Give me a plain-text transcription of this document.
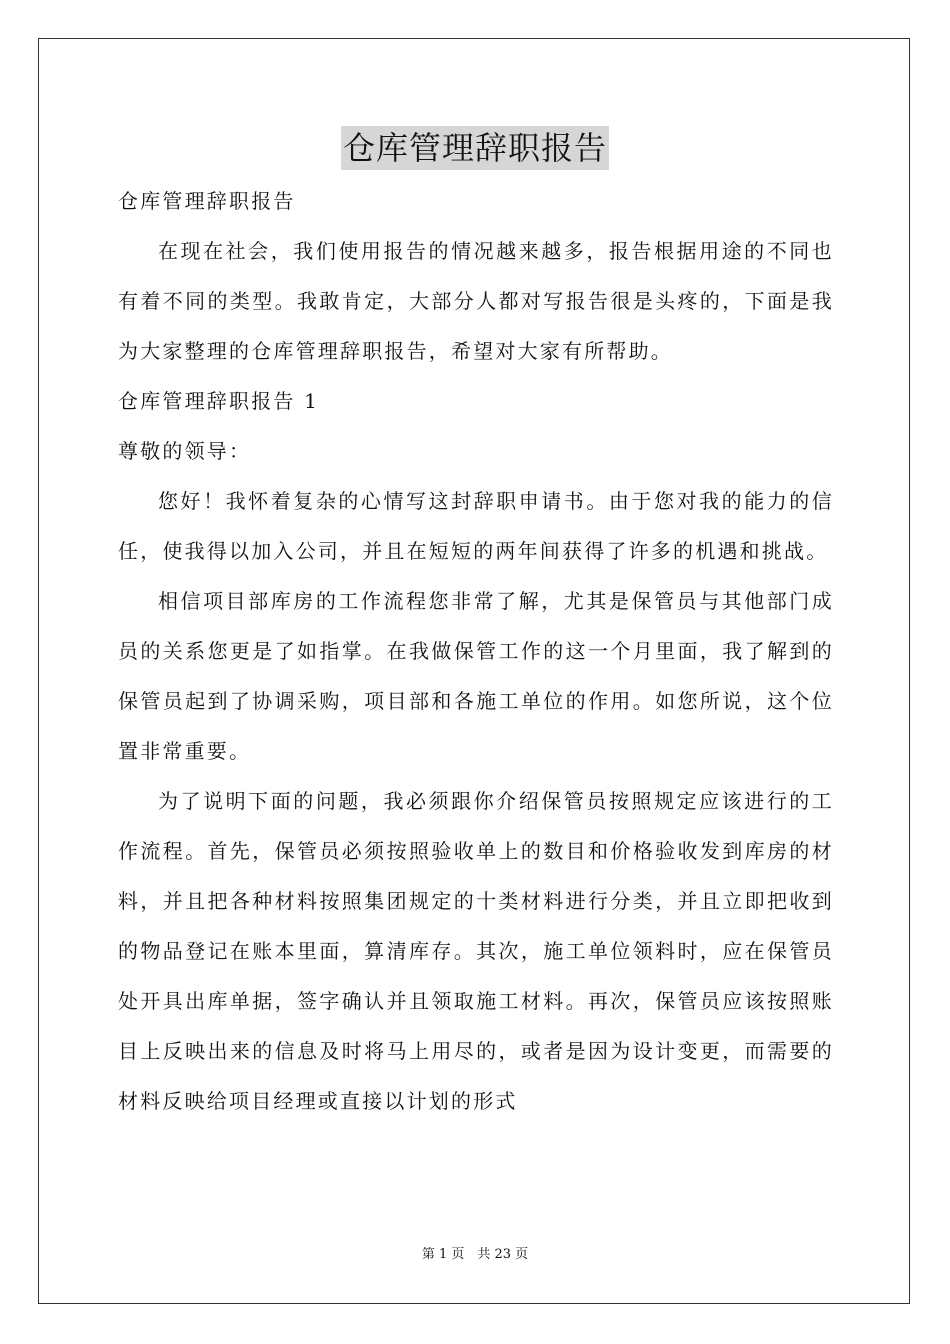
仓库管理辞职报告

仓库管理辞职报告

在现在社会，我们使用报告的情况越来越多，报告根据用途的不同也有着不同的类型。我敢肯定，大部分人都对写报告很是头疼的，下面是我为大家整理的仓库管理辞职报告，希望对大家有所帮助。

仓库管理辞职报告 1

尊敬的领导：

您好！我怀着复杂的心情写这封辞职申请书。由于您对我的能力的信任，使我得以加入公司，并且在短短的两年间获得了许多的机遇和挑战。

相信项目部库房的工作流程您非常了解，尤其是保管员与其他部门成员的关系您更是了如指掌。在我做保管工作的这一个月里面，我了解到的保管员起到了协调采购，项目部和各施工单位的作用。如您所说，这个位置非常重要。

为了说明下面的问题，我必须跟你介绍保管员按照规定应该进行的工作流程。首先，保管员必须按照验收单上的数目和价格验收发到库房的材料，并且把各种材料按照集团规定的十类材料进行分类，并且立即把收到的物品登记在账本里面，算清库存。其次，施工单位领料时，应在保管员处开具出库单据，签字确认并且领取施工材料。再次，保管员应该按照账目上反映出来的信息及时将马上用尽的，或者是因为设计变更，而需要的材料反映给项目经理或直接以计划的形式

第 1 页　共 23 页
